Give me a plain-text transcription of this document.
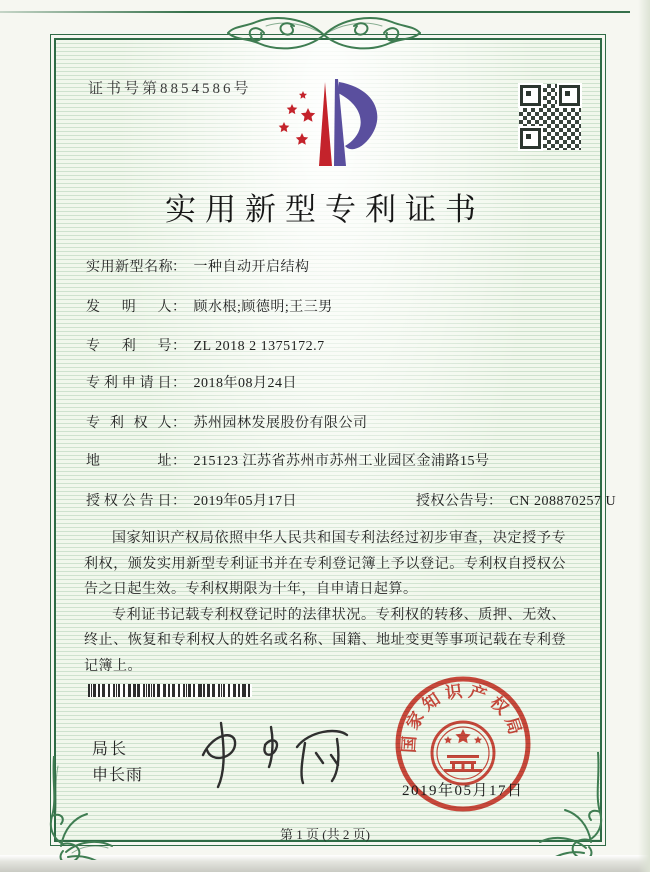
证书号第8854586号
实用新型专利证书
实用新型名称： 一种自动开启结构
发明人： 顾水根;顾德明;王三男
专利号： ZL 2018 2 1375172.7
专利申请日： 2018年08月24日
专利权人： 苏州园林发展股份有限公司
地址： 215123 江苏省苏州市苏州工业园区金浦路15号
授权公告日： 2019年05月17日	授权公告号： CN 208870257 U

国家知识产权局依照中华人民共和国专利法经过初步审查，决定授予专利权，颁发实用新型专利证书并在专利登记簿上予以登记。专利权自授权公告之日起生效。专利权期限为十年，自申请日起算。

专利证书记载专利权登记时的法律状况。专利权的转移、质押、无效、终止、恢复和专利权人的姓名或名称、国籍、地址变更等事项记载在专利登记簿上。

局长
申长雨
国家知识产权局
2019年05月17日
第 1 页 (共 2 页)
